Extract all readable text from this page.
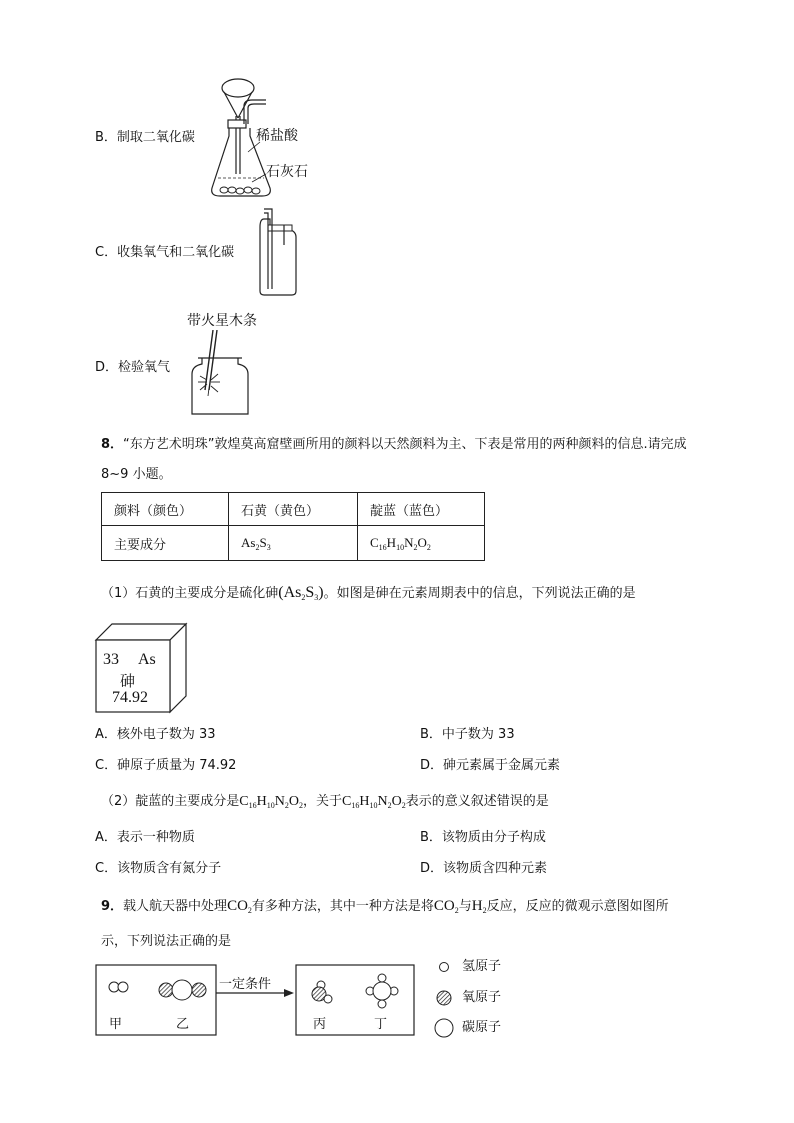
B．制取二氧化碳	稀盐酸
石灰石
C．收集氧气和二氧化碳
带火星木条
D．检验氧气
8．“东方艺术明珠”敦煌莫高窟壁画所用的颜料以天然颜料为主、下表是常用的两种颜料的信息.请完成
8~9 小题。
颜料（颜色）	石黄（黄色）	靛蓝（蓝色）
主要成分	$As_2S_3$	$C_{16}H_{10}N_2O_2$
（1）石黄的主要成分是硫化砷$(As_2S_3)$。如图是砷在元素周期表中的信息，下列说法正确的是
33 As
砷
74.92
A．核外电子数为 33	B．中子数为 33
C．砷原子质量为 74.92	D．砷元素属于金属元素
（2）靛蓝的主要成分是$C_{16}H_{10}N_2O_2$，关于$C_{16}H_{10}N_2O_2$表示的意义叙述错误的是
A．表示一种物质	B．该物质由分子构成
C．该物质含有氮分子	D．该物质含四种元素
9．载人航天器中处理$CO_2$有多种方法，其中一种方法是将$CO_2$与$H_2$反应，反应的微观示意图如图所
示，下列说法正确的是
一定条件
甲	乙	丙	丁
氢原子
氧原子
碳原子
